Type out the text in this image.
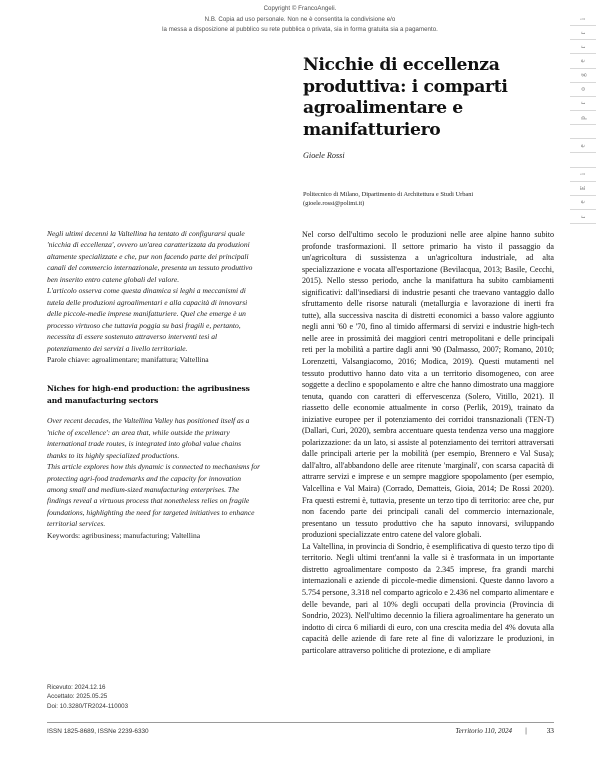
Copyright © FrancoAngeli.
N.B. Copia ad uso personale. Non ne è consentita la condivisione e/o
la messa a disposizione al pubblico su rete pubblica o privata, sia in forma gratuita sia a pagamento.
i
r
r
e
g
o
r
p
e
i
E
e
r
Nicchie di eccellenza produttiva: i comparti agroalimentare e manifatturiero
Gioele Rossi
Politecnico di Milano, Dipartimento di Architettura e Studi Urbani
(gioele.rossi@polimi.it)

Negli ultimi decenni la Valtellina ha tentato di configurarsi quale 'nicchia di eccellenza', ovvero un'area caratterizzata da produzioni altamente specializzate e che, pur non facendo parte dei principali canali del commercio internazionale, presenta un tessuto produttivo ben inserito entro catene globali del valore.

L'articolo osserva come questa dinamica si leghi a meccanismi di tutela delle produzioni agroalimentari e alla capacità di innovarsi delle piccole-medie imprese manifatturiere. Quel che emerge è un processo virtuoso che tuttavia poggia su basi fragili e, pertanto, necessita di essere sostenuto attraverso interventi tesi al potenziamento dei servizi a livello territoriale.

Parole chiave: agroalimentare; manifattura; Valtellina
Niches for high-end production: the agribusiness and manufacturing sectors

Over recent decades, the Valtellina Valley has positioned itself as a 'niche of excellence': an area that, while outside the primary international trade routes, is integrated into global value chains thanks to its highly specialized productions.

This article explores how this dynamic is connected to mechanisms for protecting agri-food trademarks and the capacity for innovation among small and medium-sized manufacturing enterprises. The findings reveal a virtuous process that nonetheless relies on fragile foundations, highlighting the need for targeted initiatives to enhance territorial services.

Keywords: agribusiness; manufacturing; Valtellina
Ricevuto: 2024.12.16
Accettato: 2025.05.25
Doi: 10.3280/TR2024-110003

Nel corso dell'ultimo secolo le produzioni nelle aree alpine hanno subito profonde trasformazioni. Il settore primario ha visto il passaggio da un'agricoltura di sussistenza a un'agricoltura industriale, ad alta specializzazione e vocata all'esportazione (Bevilacqua, 2013; Basile, Cecchi, 2015). Nello stesso periodo, anche la manifattura ha subito cambiamenti significativi: dall'insediarsi di industrie pesanti che traevano vantaggio dallo sfruttamento delle risorse naturali (metallurgia e lavorazione di inerti fra tutte), alla successiva nascita di distretti economici a basso valore aggiunto negli anni '60 e '70, fino al timido affermarsi di servizi e industrie high-tech nelle aree in prossimità dei maggiori centri metropolitani e delle principali reti per la mobilità a partire dagli anni '90 (Dalmasso, 2007; Romano, 2010; Lorenzetti, Valsangiacomo, 2016; Modica, 2019). Questi mutamenti nel tessuto produttivo hanno dato vita a un territorio disomogeneo, con aree soggette a declino e spopolamento e altre che hanno dimostrato una maggiore tenuta, quando con caratteri di effervescenza (Solero, Vitillo, 2021). Il riassetto delle economie attualmente in corso (Perlik, 2019), trainato da iniziative europee per il potenziamento dei corridoi transnazionali (TEN-T) (Dallari, Curi, 2020), sembra accentuare questa tendenza verso una maggiore polarizzazione: da un lato, si assiste al potenziamento dei territori attraversati dalle principali arterie per la mobilità (per esempio, Brennero e Val Susa); dall'altro, all'abbandono delle aree ritenute 'marginali', con scarsa capacità di attrarre servizi e imprese e un sempre maggiore spopolamento (per esempio, Valcellina e Val Maira) (Corrado, Dematteis, Gioia, 2014; De Rossi 2020). Fra questi estremi è, tuttavia, presente un terzo tipo di territorio: aree che, pur non facendo parte dei principali canali del commercio internazionale, presentano un tessuto produttivo che ha saputo innovarsi, sviluppando produzioni specializzate entro catene del valore globali.

La Valtellina, in provincia di Sondrio, è esemplificativa di questo terzo tipo di territorio. Negli ultimi trent'anni la valle si è trasformata in un importante distretto agroalimentare composto da 2.345 imprese, fra grandi marchi internazionali e aziende di piccole-medie dimensioni. Queste danno lavoro a 5.754 persone, 3.318 nel comparto agricolo e 2.436 nel comparto alimentare e delle bevande, pari al 10% degli occupati della provincia (Provincia di Sondrio, 2023). Nell'ultimo decennio la filiera agroalimentare ha generato un indotto di circa 6 miliardi di euro, con una crescita media del 4% dovuta alla capacità delle aziende di fare rete al fine di valorizzare le produzioni, in particolare attraverso politiche di protezione, e di ampliare

ISSN 1825-8689, ISSNe 2239-6330	Territorio 110, 2024	|	33
